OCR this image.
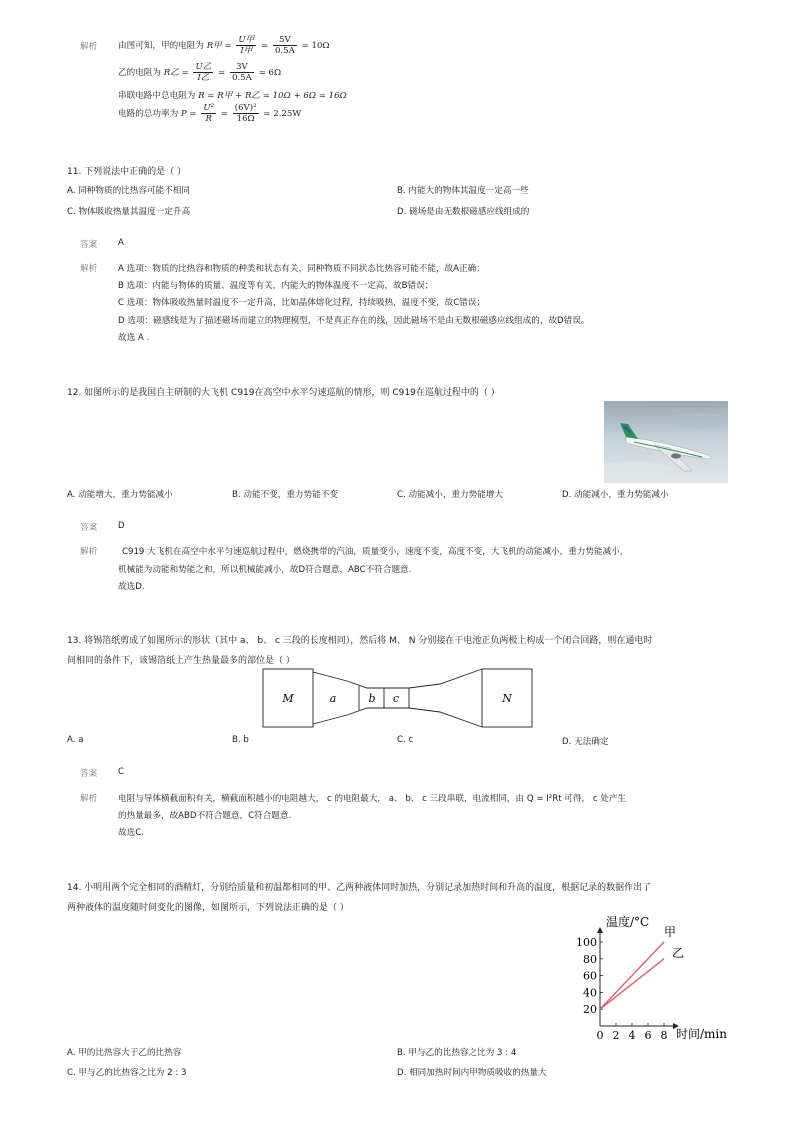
解析 由图可知，甲的电阻为 R甲 = $\frac{\text{U甲}}{\text{I甲}} = \frac{5V}{0.5A} = 10\Omega$
乙的电阻为 R乙 = $\frac{\text{U乙}}{\text{I乙}} = \frac{3V}{0.5A} = 6\Omega$
串联电路中总电阻为 R = R甲 + R乙 = 10Ω + 6Ω = 16Ω
电路的总功率为 $P = \frac{\text{U²}}{R} = \frac{\text{(6V)²}}{16\Omega} = 2.25W$
11. 下列说法中正确的是（ ）
A. 同种物质的比热容可能不相同	B. 内能大的物体其温度一定高一些
C. 物体吸收热量其温度一定升高	D. 磁场是由无数根磁感应线组成的
答案 A
解析 A 选项：物质的比热容和物质的种类和状态有关，同种物质不同状态比热容可能不能，故A正确；
B 选项：内能与物体的质量、温度等有关，内能大的物体温度不一定高，故B错误；
C 选项：物体吸收热量时温度不一定升高，比如晶体熔化过程，持续吸热，温度不变，故C错误；
D 选项：磁感线是为了描述磁场而建立的物理模型，不是真正存在的线，因此磁场不是由无数根磁感应线组成的，故D错误。
故选 A .
12. 如图所示的是我国自主研制的大飞机 C919在高空中水平匀速巡航的情形，则 C919在巡航过程中的（ ）
A. 动能增大，重力势能减小	B. 动能不变，重力势能不变	C. 动能减小，重力势能增大	D. 动能减小，重力势能减小
答案 D
解析	C919 大飞机在高空中水平匀速巡航过程中，燃烧携带的汽油，质量变小，速度不变，高度不变，大飞机的动能减小，重力势能减小，
机械能为动能和势能之和，所以机械能减小，故D符合题意，ABC不符合题意.
故选D.
13. 将锡箔纸剪成了如图所示的形状（其中 a、 b、 c 三段的长度相同），然后将 M、 N 分别接在干电池正负两极上构成一个闭合回路，则在通电时
间相同的条件下，该锡箔纸上产生热量最多的部位是（ ）
M	a	b c	N
A. a	B. b	C. c	D. 无法确定
答案 C
解析 电阻与导体横截面积有关，横截面积越小的电阻越大， c 的电阻最大， a、 b、 c 三段串联，电流相同，由 Q = I²Rt 可得， c 处产生
的热量最多，故ABD不符合题意，C符合题意.
故选C.
14. 小明用两个完全相同的酒精灯，分别给质量和初温都相同的甲、乙两种液体同时加热，分别记录加热时间和升高的温度，根据记录的数据作出了
两种液体的温度随时间变化的图像，如图所示，下列说法正确的是（ ）
20
40
60
80
100
0 2 4 6 8
温度/°C
时间/min
甲
乙
A. 甲的比热容大于乙的比热容	B. 甲与乙的比热容之比为 3 : 4
C. 甲与乙的比热容之比为 2 : 3	D. 相同加热时间内甲物质吸收的热量大
